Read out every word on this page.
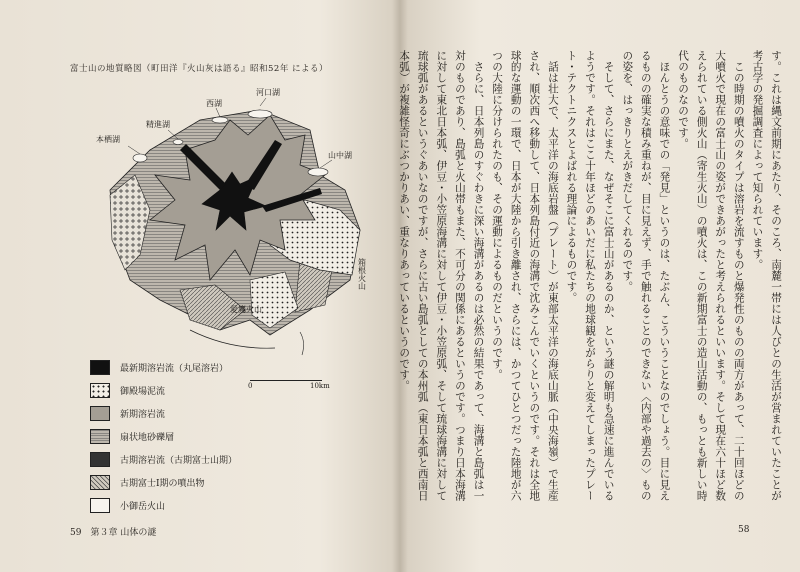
富士山の地質略図（町田洋『火山灰は語る』昭和52年 による）
河口湖
西湖
精進湖
本栖湖
山中湖
箱根火山
愛鷹火山
最新期溶岩流（丸尾溶岩）
御殿場泥流
新期溶岩流
扇状地砂礫層
古期溶岩流（古期富士山期）
古期富士Ⅰ期の噴出物
小御岳火山
0	10km
59　第３章 山体の謎

す。これは縄文前期にあたり、そのころ、南麓一帯には人びとの生活が営まれていたことが考古学の発掘調査によって知られています。

この時期の噴火のタイプは溶岩を流すものと爆発性のものの両方があって、二十回ほどの大噴火で現在の富士山の姿ができあがったと考えられるといいます。そして現在六十ほど数えられている側火山（寄生火山）の噴火は、この新期富士の造山活動の、もっとも新しい時代のものなのです。

ほんとうの意味での「発見」というのは、たぶん、こういうことなのでしょう。目に見えるものの確実な積み重ねが、目に見えず、手で触れることのできない〈内部や過去の〉ものの姿を、はっきりとえがきだしてくれるのです。

そして、さらにまた、なぜそこに富士山があるのか、という謎の解明も急速に進んでいるようです。それはここ十年ほどのあいだに私たちの地球観をがらりと変えてしまったプレート・テクトニクスとよばれる理論によるものです。

話は壮大で、太平洋の海底岩盤（プレート）が東部太平洋の海底山脈（中央海嶺）で生産され、順次西へ移動して、日本列島付近の海溝で沈みこんでいくというのです。それは全地球的な運動の一環で、日本が大陸から引き離され、さらには、かつてひとつだった陸地が六つの大陸に分けられたのも、その運動によるものだというのです。

さらに、日本列島のすぐわきに深い海溝があるのは必然の結果であって、海溝と島弧は一対のものであり、島弧と火山帯もまた、不可分の関係にあるというのです。つまり日本海溝に対して東北日本弧、伊豆・小笠原海溝に対して伊豆・小笠原弧、そして琉球海溝に対して琉球弧があるというぐあいなのですが、さらに古い島弧としての本州弧（東日本弧と西南日本弧）が複雑怪奇にぶつかりあい、重なりあっているというのです。

58
